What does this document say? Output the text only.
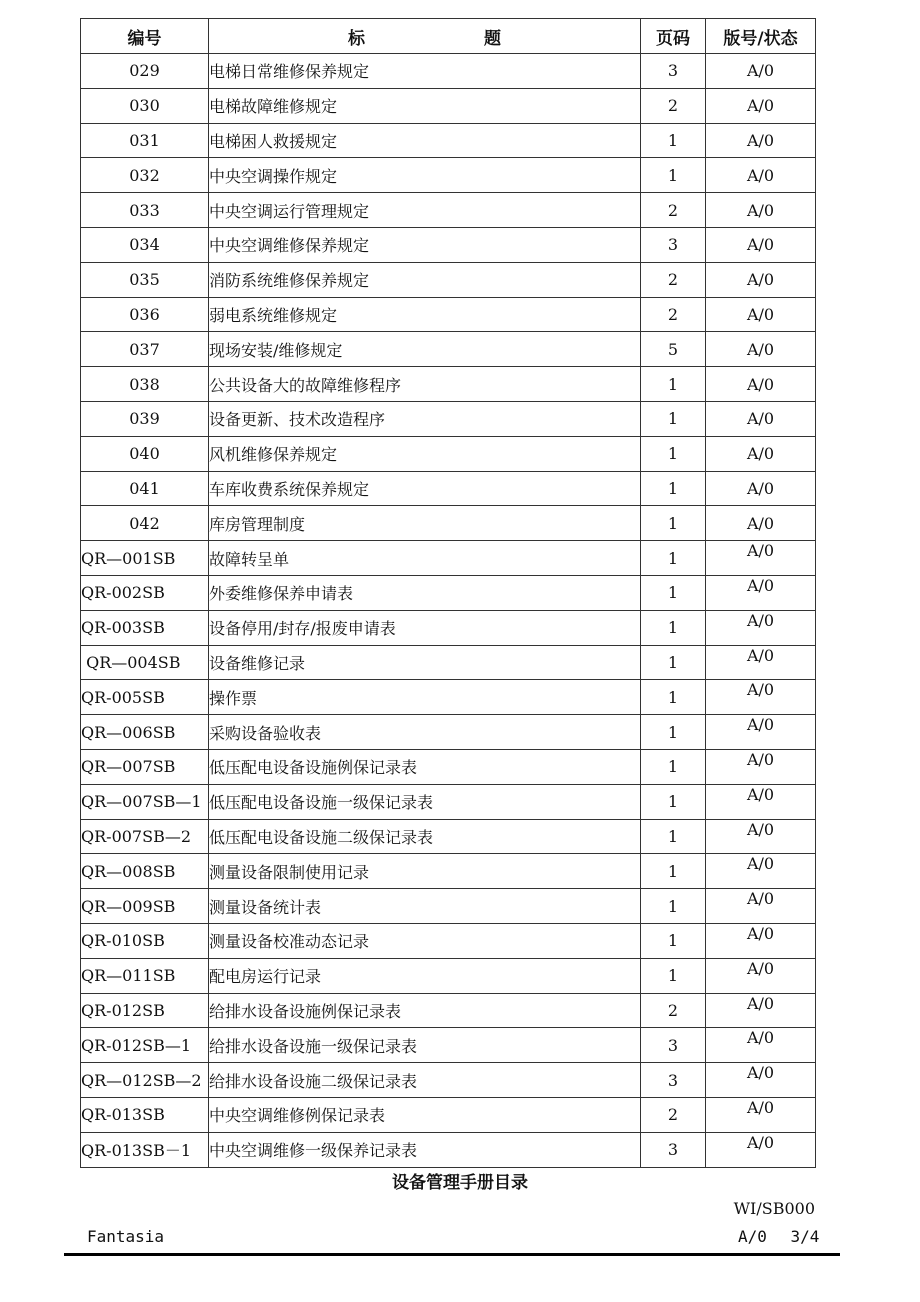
编号	标　　　　　　　题	页码	版号/状态
029	电梯日常维修保养规定	3	A/0
030	电梯故障维修规定	2	A/0
031	电梯困人救援规定	1	A/0
032	中央空调操作规定	1	A/0
033	中央空调运行管理规定	2	A/0
034	中央空调维修保养规定	3	A/0
035	消防系统维修保养规定	2	A/0
036	弱电系统维修规定	2	A/0
037	现场安装/维修规定	5	A/0
038	公共设备大的故障维修程序	1	A/0
039	设备更新、技术改造程序	1	A/0
040	风机维修保养规定	1	A/0
041	车库收费系统保养规定	1	A/0
042	库房管理制度	1	A/0
QR—001SB	故障转呈单	1	A/0
QR-002SB	外委维修保养申请表	1	A/0
QR-003SB	设备停用/封存/报废申请表	1	A/0
QR—004SB	设备维修记录	1	A/0
QR-005SB	操作票	1	A/0
QR—006SB	采购设备验收表	1	A/0
QR—007SB	低压配电设备设施例保记录表	1	A/0
QR—007SB—1	低压配电设备设施一级保记录表	1	A/0
QR-007SB—2	低压配电设备设施二级保记录表	1	A/0
QR—008SB	测量设备限制使用记录	1	A/0
QR—009SB	测量设备统计表	1	A/0
QR-010SB	测量设备校准动态记录	1	A/0
QR—011SB	配电房运行记录	1	A/0
QR-012SB	给排水设备设施例保记录表	2	A/0
QR-012SB—1	给排水设备设施一级保记录表	3	A/0
QR—012SB—2	给排水设备设施二级保记录表	3	A/0
QR-013SB	中央空调维修例保记录表	2	A/0
QR-013SB－1	中央空调维修一级保养记录表	3	A/0
设备管理手册目录
WI/SB000
Fantasia	A/0 3/4
